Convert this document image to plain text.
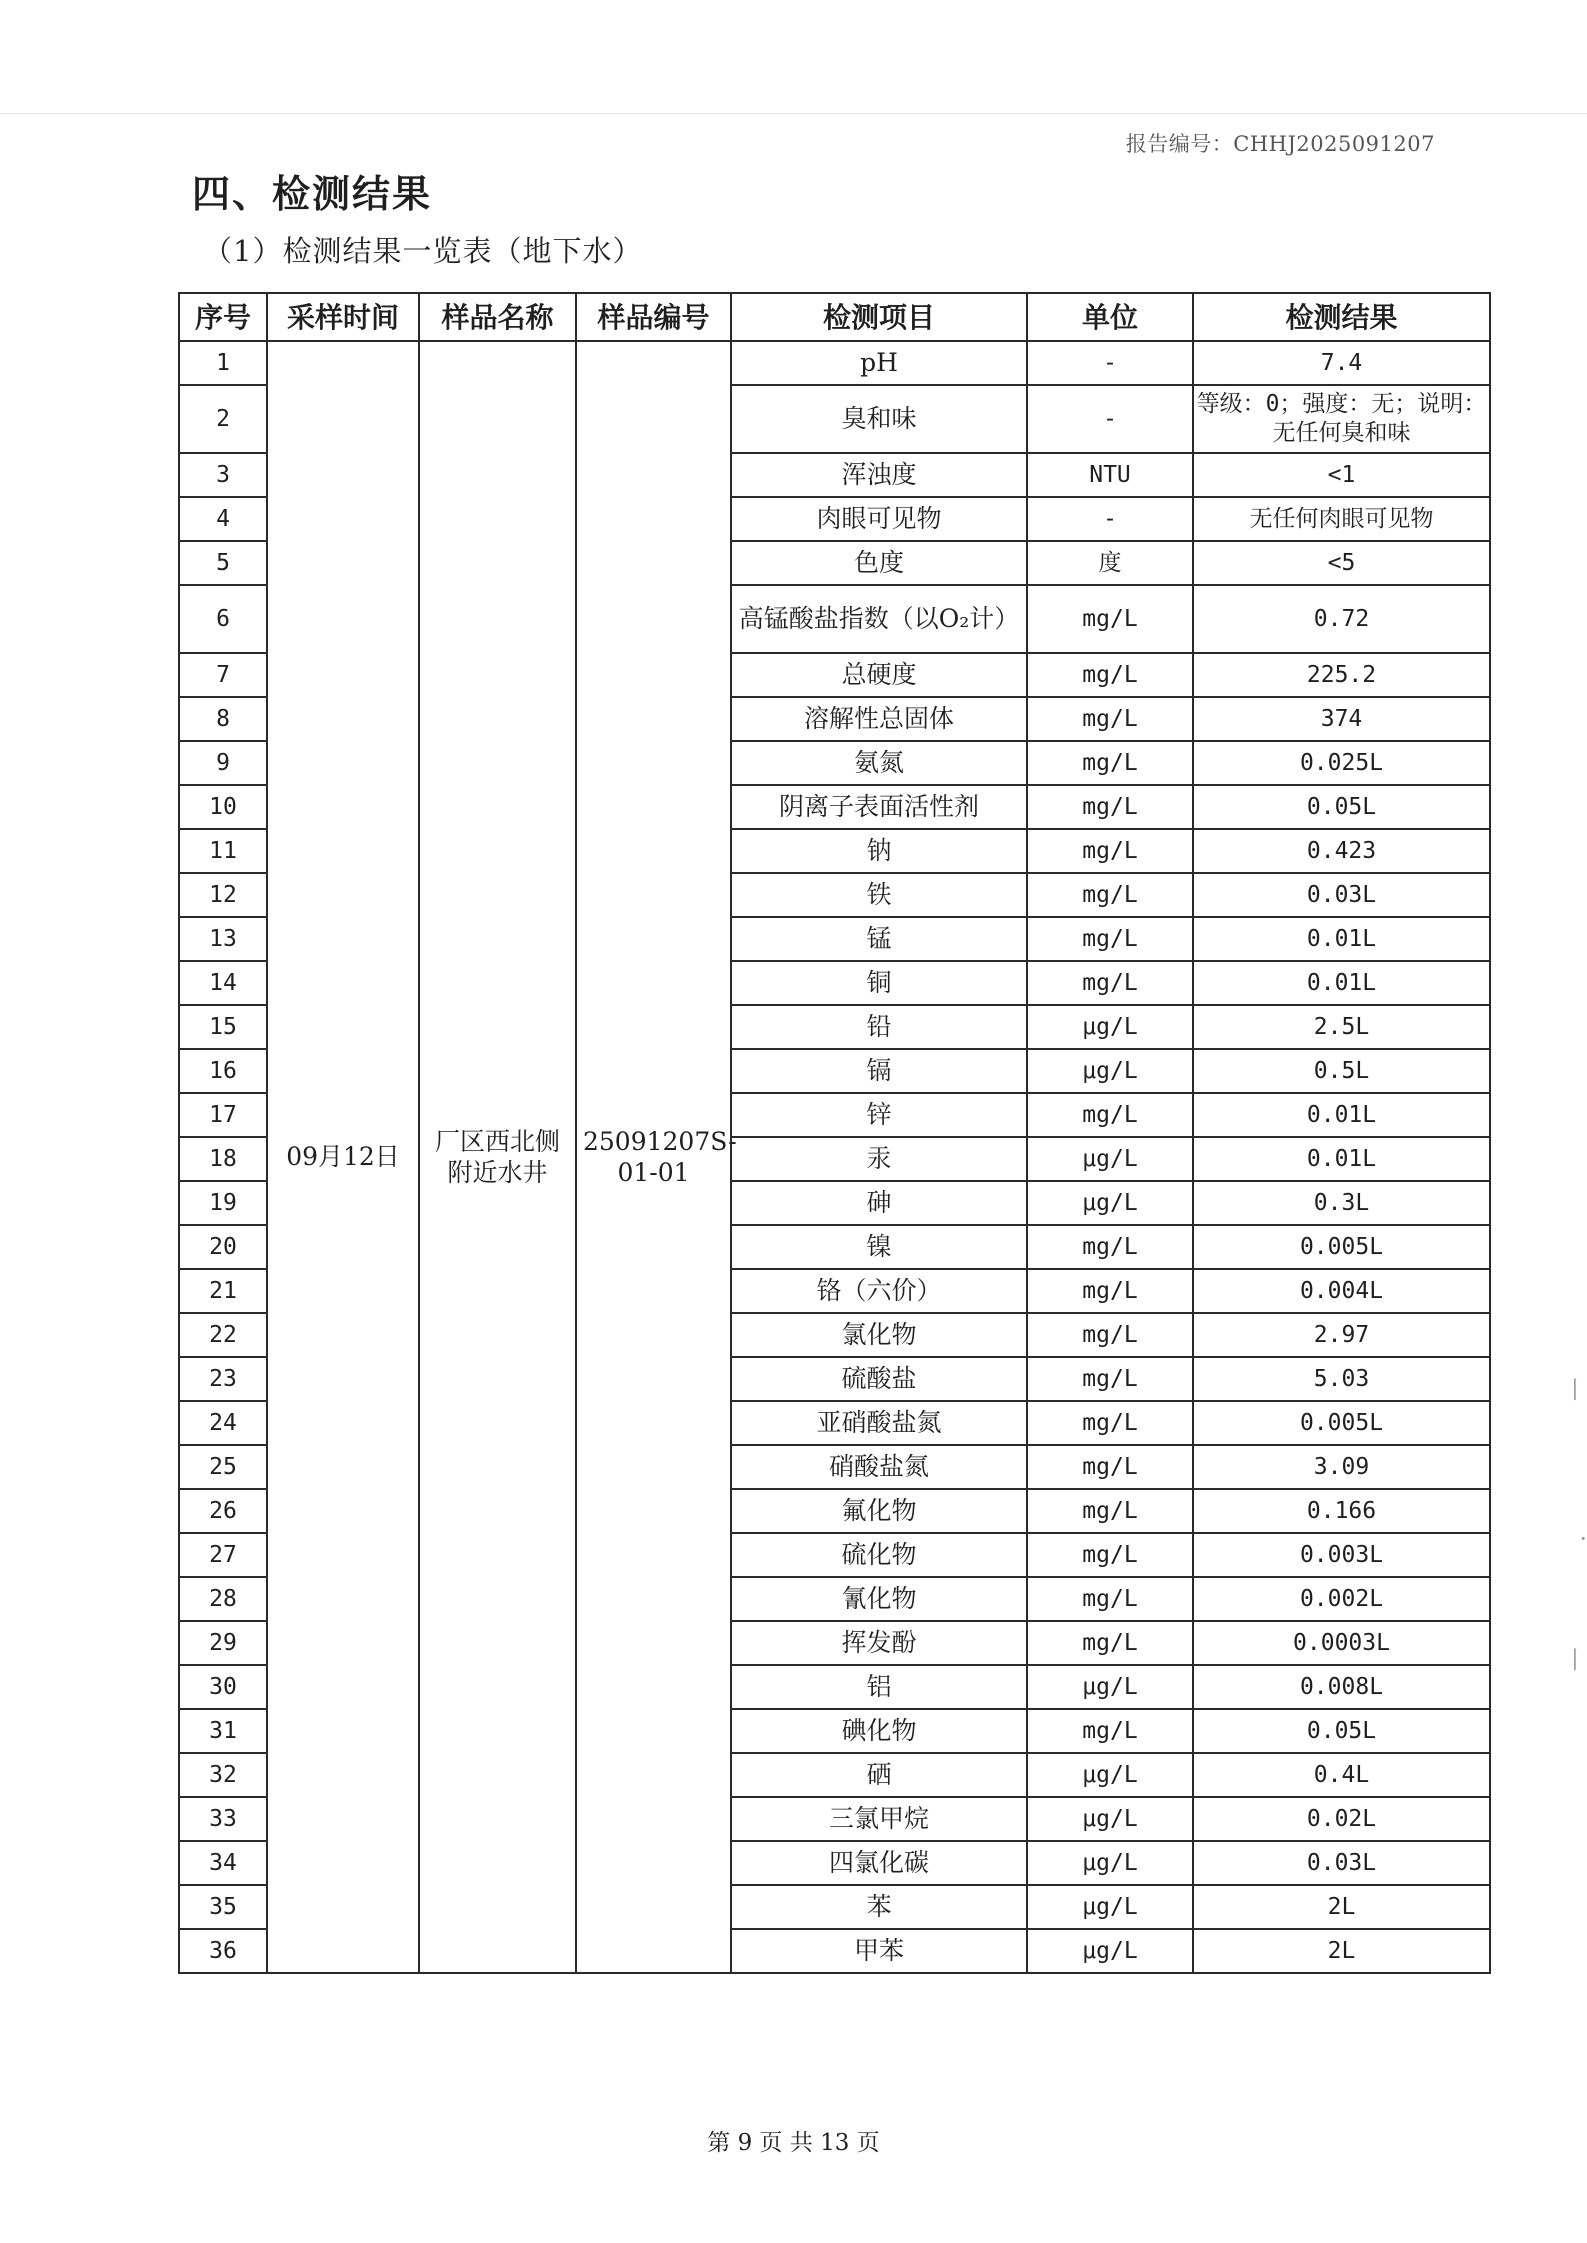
报告编号：CHHJ2025091207
四、检测结果
（1）检测结果一览表（地下水）
序号	采样时间	样品名称	样品编号	检测项目	单位	检测结果
1	09月12日	厂区西北侧附近水井	25091207S-01-01	pH	-	7.4
2				臭和味	-	等级：0；强度：无；说明：无任何臭和味
3				浑浊度	NTU	<1
4				肉眼可见物	-	无任何肉眼可见物
5				色度	度	<5
6				高锰酸盐指数（以O₂计）	mg/L	0.72
7				总硬度	mg/L	225.2
8				溶解性总固体	mg/L	374
9				氨氮	mg/L	0.025L
10				阴离子表面活性剂	mg/L	0.05L
11				钠	mg/L	0.423
12				铁	mg/L	0.03L
13				锰	mg/L	0.01L
14				铜	mg/L	0.01L
15				铅	μg/L	2.5L
16				镉	μg/L	0.5L
17				锌	mg/L	0.01L
18				汞	μg/L	0.01L
19				砷	μg/L	0.3L
20				镍	mg/L	0.005L
21				铬（六价）	mg/L	0.004L
22				氯化物	mg/L	2.97
23				硫酸盐	mg/L	5.03
24				亚硝酸盐氮	mg/L	0.005L
25				硝酸盐氮	mg/L	3.09
26				氟化物	mg/L	0.166
27				硫化物	mg/L	0.003L
28				氰化物	mg/L	0.002L
29				挥发酚	mg/L	0.0003L
30				铝	μg/L	0.008L
31				碘化物	mg/L	0.05L
32				硒	μg/L	0.4L
33				三氯甲烷	μg/L	0.02L
34				四氯化碳	μg/L	0.03L
35				苯	μg/L	2L
36				甲苯	μg/L	2L
第 9 页 共 13 页
丨
·
丨
